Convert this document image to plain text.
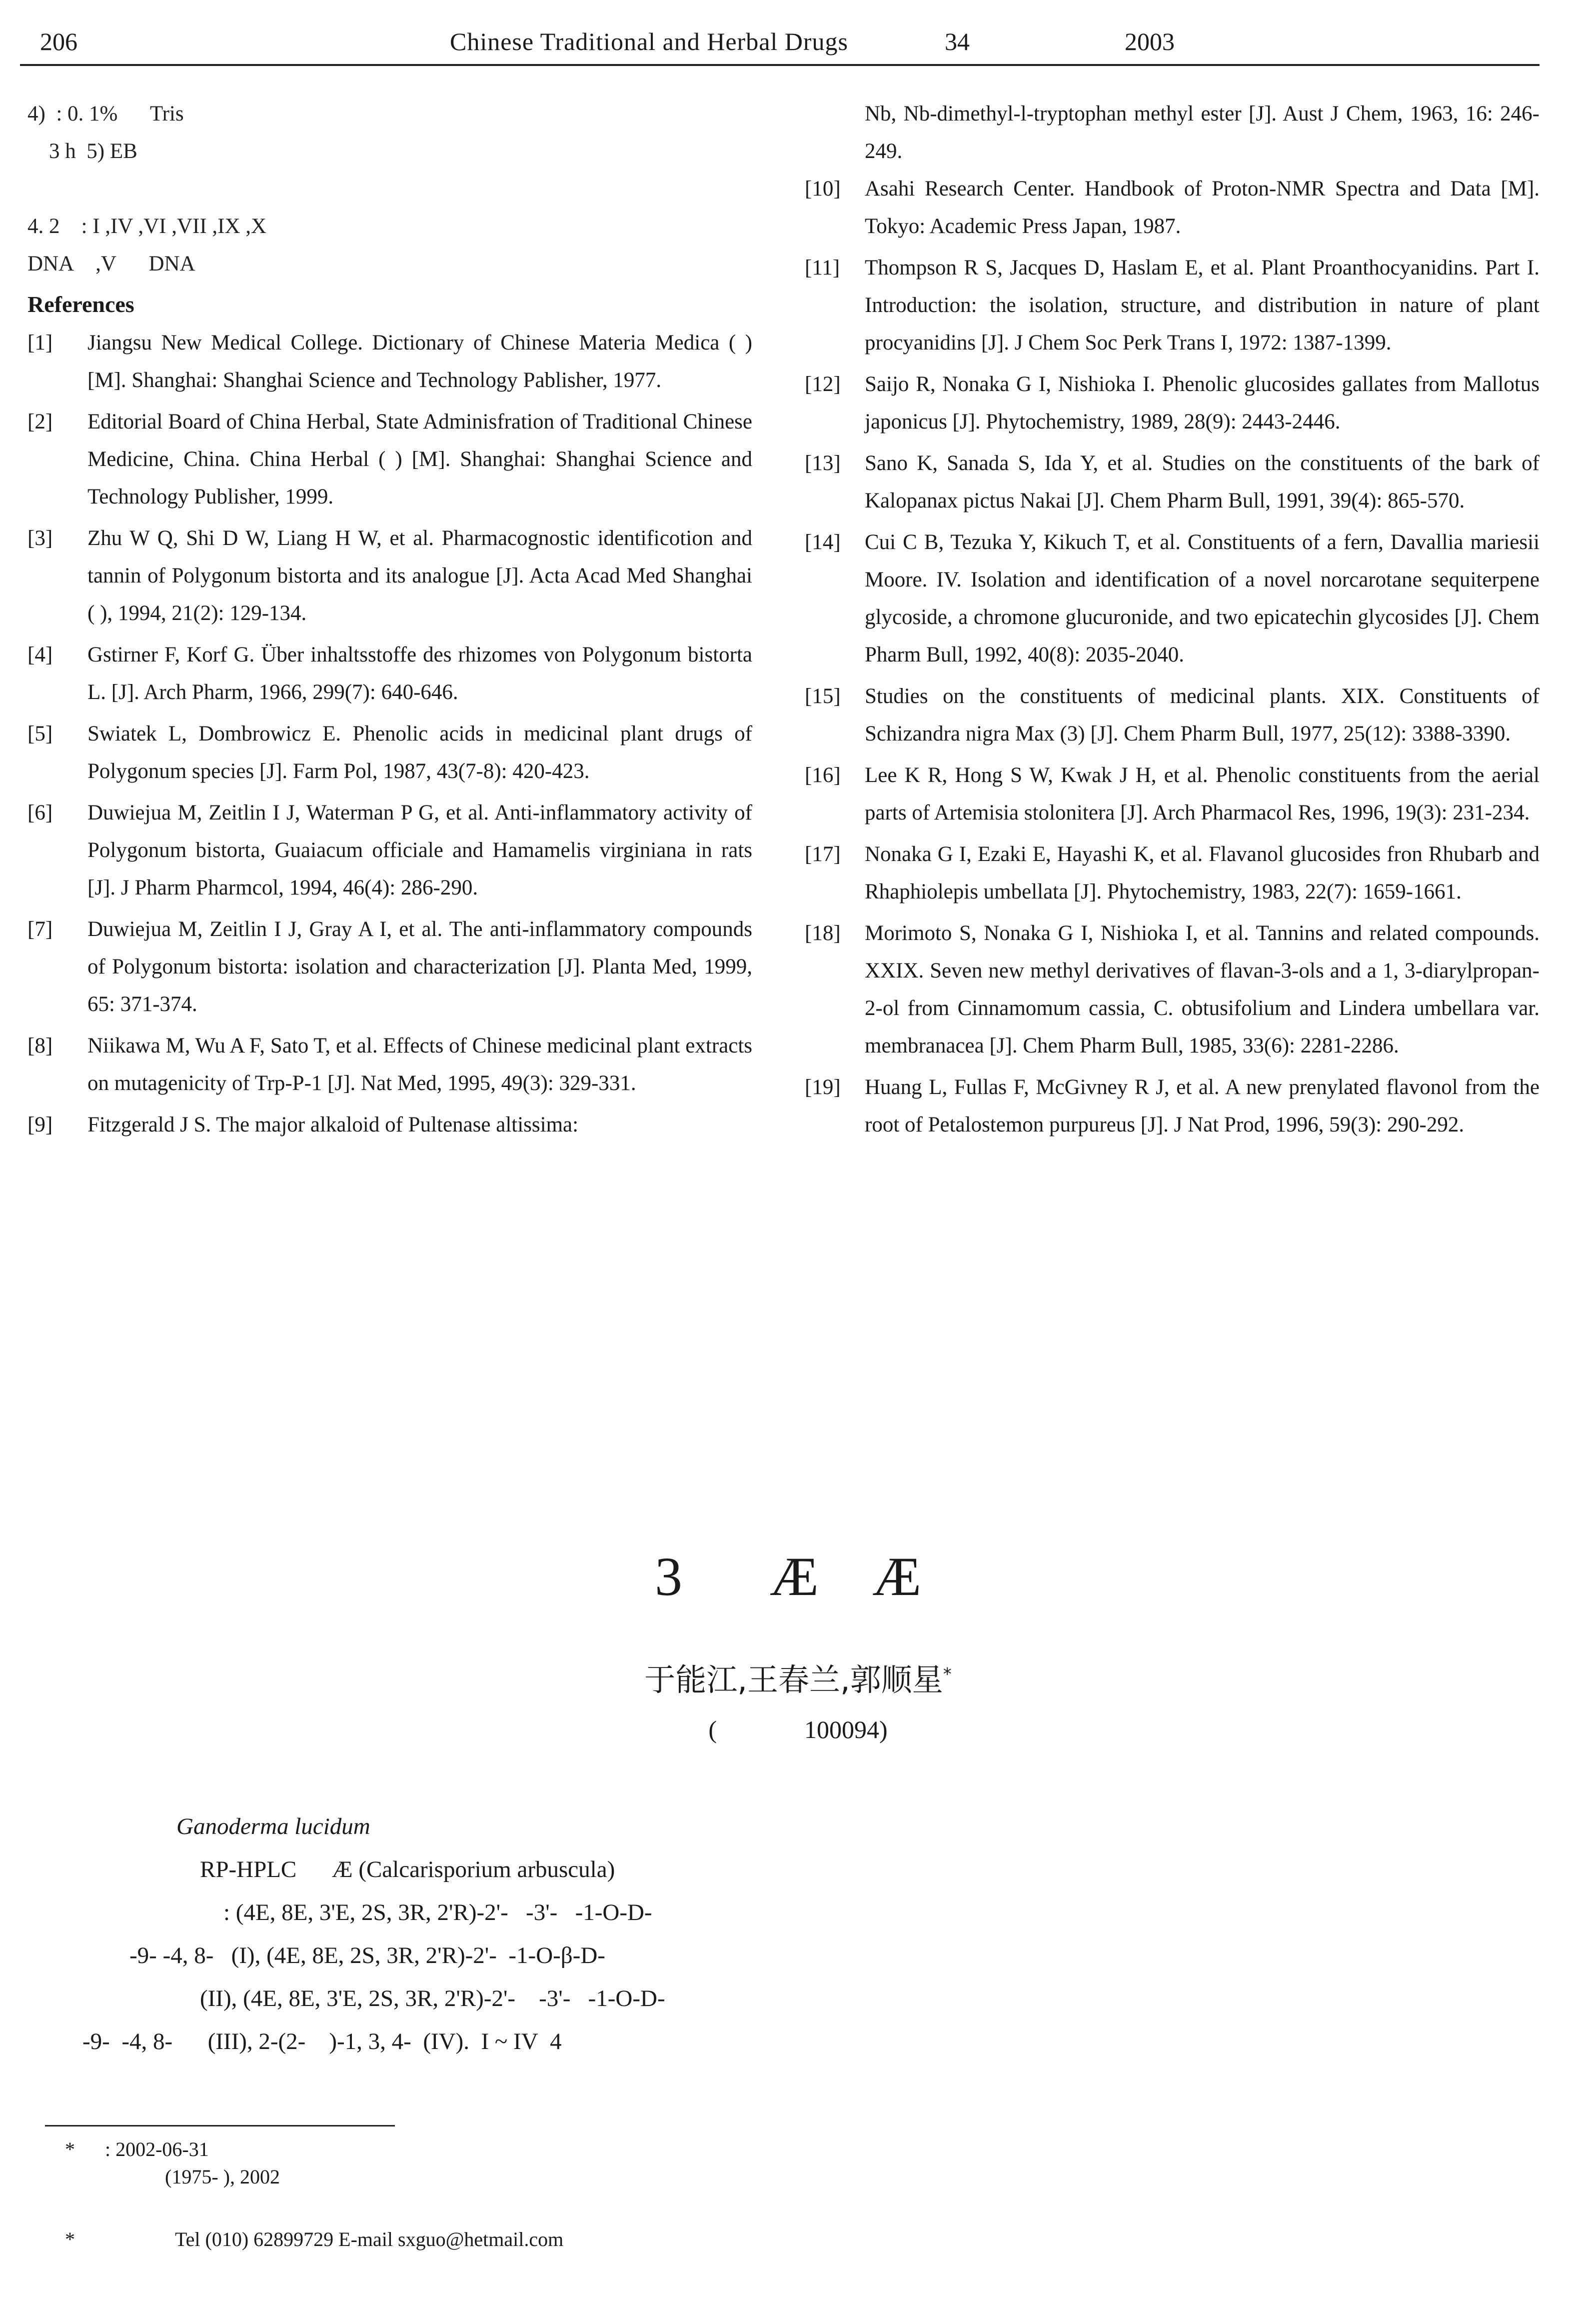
206	Chinese Traditional and Herbal Drugs	34	2003
4) : 0. 1% Tris
3 h 5) EB

4. 2 : I ,IV ,VI ,VII ,IX ,X
DNA ,V DNA
References
[1]	Jiangsu New Medical College. Dictionary of Chinese Materia Medica ( ) [M]. Shanghai: Shanghai Science and Technology Pablisher, 1977.
[2]	Editorial Board of China Herbal, State Adminisfration of Traditional Chinese Medicine, China. China Herbal ( ) [M]. Shanghai: Shanghai Science and Technology Publisher, 1999.
[3]	Zhu W Q, Shi D W, Liang H W, et al. Pharmacognostic identificotion and tannin of Polygonum bistorta and its analogue [J]. Acta Acad Med Shanghai ( ), 1994, 21(2): 129-134.
[4]	Gstirner F, Korf G. Über inhaltsstoffe des rhizomes von Polygonum bistorta L. [J]. Arch Pharm, 1966, 299(7): 640-646.
[5]	Swiatek L, Dombrowicz E. Phenolic acids in medicinal plant drugs of Polygonum species [J]. Farm Pol, 1987, 43(7-8): 420-423.
[6]	Duwiejua M, Zeitlin I J, Waterman P G, et al. Anti-inflammatory activity of Polygonum bistorta, Guaiacum officiale and Hamamelis virginiana in rats [J]. J Pharm Pharmcol, 1994, 46(4): 286-290.
[7]	Duwiejua M, Zeitlin I J, Gray A I, et al. The anti-inflammatory compounds of Polygonum bistorta: isolation and characterization [J]. Planta Med, 1999, 65: 371-374.
[8]	Niikawa M, Wu A F, Sato T, et al. Effects of Chinese medicinal plant extracts on mutagenicity of Trp-P-1 [J]. Nat Med, 1995, 49(3): 329-331.
[9]	Fitzgerald J S. The major alkaloid of Pultenase altissima:
Nb, Nb-dimethyl-l-tryptophan methyl ester [J]. Aust J Chem, 1963, 16: 246-249.
[10]	Asahi Research Center. Handbook of Proton-NMR Spectra and Data [M]. Tokyo: Academic Press Japan, 1987.
[11]	Thompson R S, Jacques D, Haslam E, et al. Plant Proanthocyanidins. Part I. Introduction: the isolation, structure, and distribution in nature of plant procyanidins [J]. J Chem Soc Perk Trans I, 1972: 1387-1399.
[12]	Saijo R, Nonaka G I, Nishioka I. Phenolic glucosides gallates from Mallotus japonicus [J]. Phytochemistry, 1989, 28(9): 2443-2446.
[13]	Sano K, Sanada S, Ida Y, et al. Studies on the constituents of the bark of Kalopanax pictus Nakai [J]. Chem Pharm Bull, 1991, 39(4): 865-570.
[14]	Cui C B, Tezuka Y, Kikuch T, et al. Constituents of a fern, Davallia mariesii Moore. IV. Isolation and identification of a novel norcarotane sequiterpene glycoside, a chromone glucuronide, and two epicatechin glycosides [J]. Chem Pharm Bull, 1992, 40(8): 2035-2040.
[15]	Studies on the constituents of medicinal plants. XIX. Constituents of Schizandra nigra Max (3) [J]. Chem Pharm Bull, 1977, 25(12): 3388-3390.
[16]	Lee K R, Hong S W, Kwak J H, et al. Phenolic constituents from the aerial parts of Artemisia stolonitera [J]. Arch Pharmacol Res, 1996, 19(3): 231-234.
[17]	Nonaka G I, Ezaki E, Hayashi K, et al. Flavanol glucosides fron Rhubarb and Rhaphiolepis umbellata [J]. Phytochemistry, 1983, 22(7): 1659-1661.
[18]	Morimoto S, Nonaka G I, Nishioka I, et al. Tannins and related compounds. XXIX. Seven new methyl derivatives of flavan-3-ols and a 1, 3-diarylpropan-2-ol from Cinnamomum cassia, C. obtusifolium and Lindera umbellara var. membranacea [J]. Chem Pharm Bull, 1985, 33(6): 2281-2286.
[19]	Huang L, Fullas F, McGivney R J, et al. A new prenylated flavonol from the root of Petalostemon purpureus [J]. J Nat Prod, 1996, 59(3): 290-292.
3 Æ Æ
于能江,王春兰,郭顺星*
(              100094)
Ganoderma lucidum
RP-HPLC Æ (Calcarisporium arbuscula)
: (4E, 8E, 3'E, 2S, 3R, 2'R)-2'- -3'- -1-O-D-
-9- -4, 8- (I), (4E, 8E, 2S, 3R, 2'R)-2'- -1-O-β-D-
(II), (4E, 8E, 3'E, 2S, 3R, 2'R)-2'- -3'- -1-O-D-
-9- -4, 8- (III), 2-(2- )-1, 3, 4- (IV). I ~ IV 4
*      : 2002-06-31
(1975- ), 2002
*	Tel (010) 62899729 E-mail sxguo@hetmail.com
